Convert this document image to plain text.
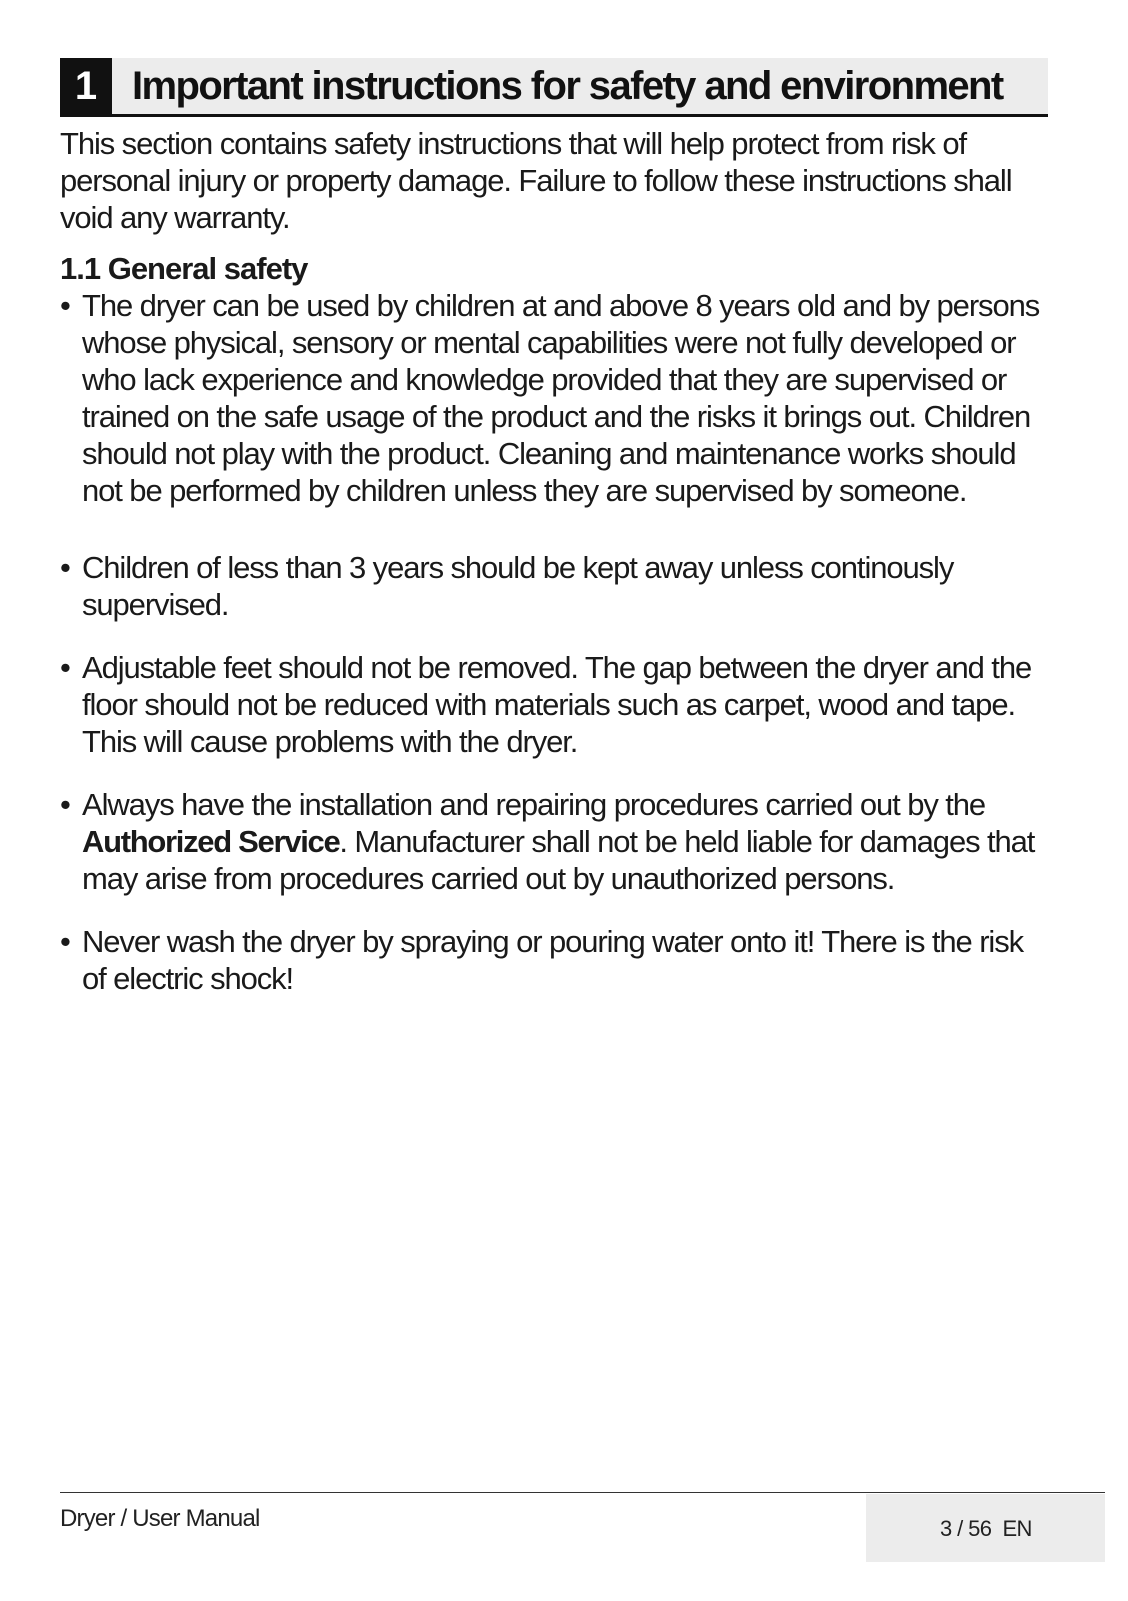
1 Important instructions for safety and environment

This section contains safety instructions that will help protect from risk of personal injury or property damage. Failure to follow these instructions shall void any warranty.

1.1 General safety
• The dryer can be used by children at and above 8 years old and by persons whose physical, sensory or mental capabilities were not fully developed or who lack experience and knowledge provided that they are supervised or trained on the safe usage of the product and the risks it brings out. Children should not play with the product. Cleaning and maintenance works should not be performed by children unless they are supervised by someone.
• Children of less than 3 years should be kept away unless continously supervised.
• Adjustable feet should not be removed. The gap between the dryer and the floor should not be reduced with materials such as carpet, wood and tape. This will cause problems with the dryer.
• Always have the installation and repairing procedures carried out by the Authorized Service. Manufacturer shall not be held liable for damages that may arise from procedures carried out by unauthorized persons.
• Never wash the dryer by spraying or pouring water onto it! There is the risk of electric shock!
Dryer / User Manual	3 / 56 EN
